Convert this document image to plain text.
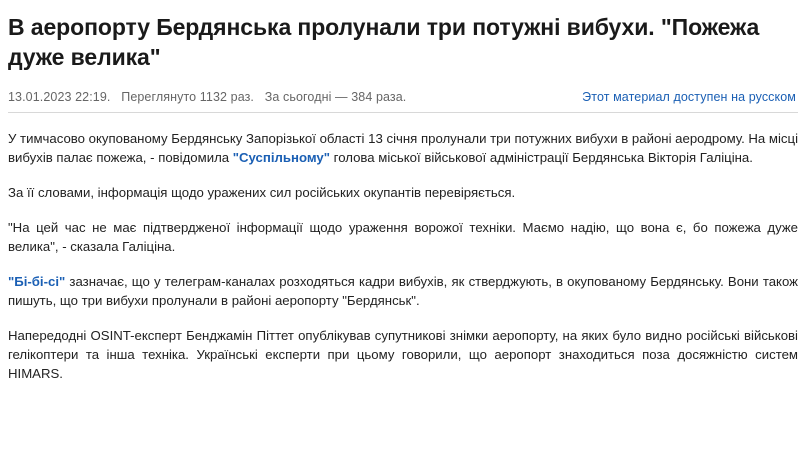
В аеропорту Бердянська пролунали три потужні вибухи. "Пожежа дуже велика"
13.01.2023 22:19. Переглянуто 1132 раз. За сьогодні — 384 раза.	Этот материал доступен на русском

У тимчасово окупованому Бердянську Запорізької області 13 січня пролунали три потужних вибухи в районі аеродрому. На місці вибухів палає пожежа, - повідомила "Суспільному" голова міської військової адміністрації Бердянська Вікторія Галіціна.

За її словами, інформація щодо уражених сил російських окупантів перевіряється.

"На цей час не має підтвердженої інформації щодо ураження ворожої техніки. Маємо надію, що вона є, бо пожежа дуже велика", - сказала Галіціна.

"Бі-бі-сі" зазначає, що у телеграм-каналах розходяться кадри вибухів, як стверджують, в окупованому Бердянську. Вони також пишуть, що три вибухи пролунали в районі аеропорту "Бердянськ".

Напередодні OSINT-експерт Бенджамін Піттет опублікував супутникові знімки аеропорту, на яких було видно російські військові гелікоптери та інша техніка. Українські експерти при цьому говорили, що аеропорт знаходиться поза досяжністю систем HIMARS.
